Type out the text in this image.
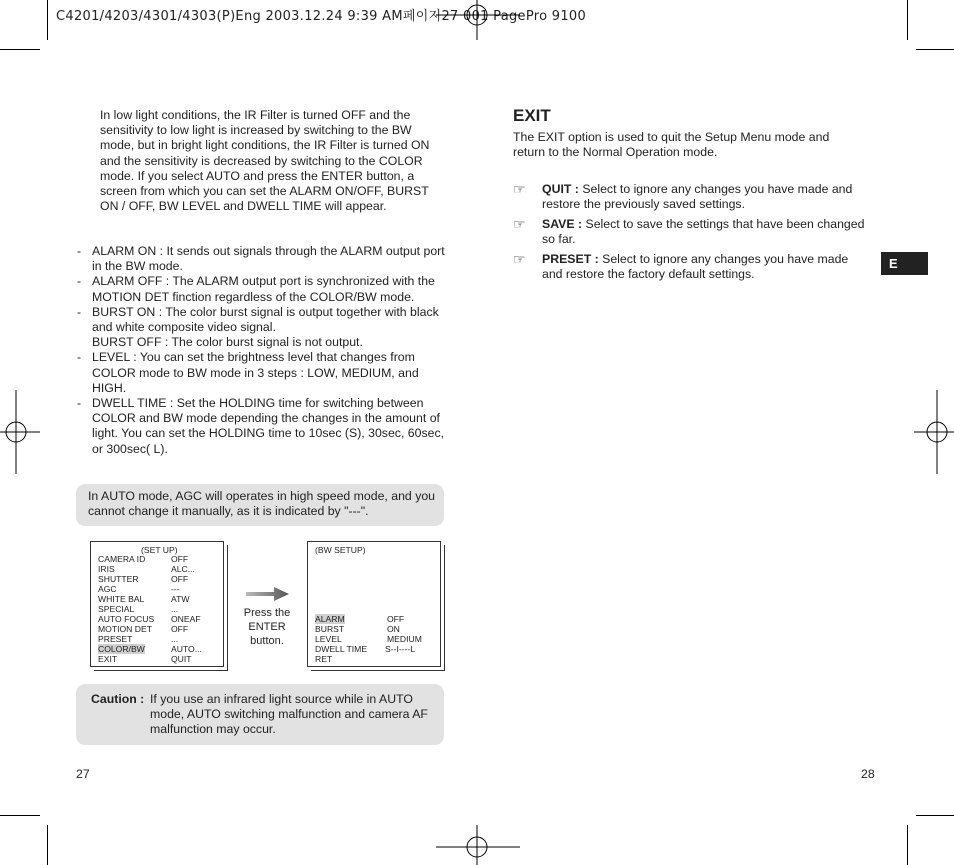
C4201/4203/4301/4303(P)Eng 2003.12.24 9:39 AM페이지27 001 PagePro 9100
In low light conditions, the IR Filter is turned OFF and the sensitivity to low light is increased by switching to the BW mode, but in bright light conditions, the IR Filter is turned ON and the sensitivity is decreased by switching to the COLOR mode. If you select AUTO and press the ENTER button, a screen from which you can set the ALARM ON/OFF, BURST ON / OFF, BW LEVEL and DWELL TIME will appear.
- ALARM ON : It sends out signals through the ALARM output port in the BW mode.
- ALARM OFF : The ALARM output port is synchronized with the MOTION DET finction regardless of the COLOR/BW mode.
- BURST ON : The color burst signal is output together with black and white composite video signal.
BURST OFF : The color burst signal is not output.
- LEVEL : You can set the brightness level that changes from COLOR mode to BW mode in 3 steps : LOW, MEDIUM, and HIGH.
- DWELL TIME : Set the HOLDING time for switching between COLOR and BW mode depending the changes in the amount of light. You can set the HOLDING time to 10sec (S), 30sec, 60sec, or 300sec( L).
In AUTO mode, AGC will operates in high speed mode, and you cannot change it manually, as it is indicated by "---".
(SET UP)
CAMERA ID	OFF
IRIS	ALC...
SHUTTER	OFF
AGC	---
WHITE BAL	ATW
SPECIAL	...
AUTO FOCUS	ONEAF
MOTION DET	OFF
PRESET	...
COLOR/BW	AUTO...
EXIT	QUIT
Press the ENTER button.
(BW SETUP)
ALARM	OFF
BURST	ON
LEVEL	MEDIUM
DWELL TIME	S--I----L
RET
Caution : If you use an infrared light source while in AUTO mode, AUTO switching malfunction and camera AF malfunction may occur.
27
EXIT
The EXIT option is used to quit the Setup Menu mode and return to the Normal Operation mode.
☞	QUIT : Select to ignore any changes you have made and restore the previously saved settings.
☞	SAVE : Select to save the settings that have been changed so far.
☞	PRESET : Select to ignore any changes you have made and restore the factory default settings.
E
28
